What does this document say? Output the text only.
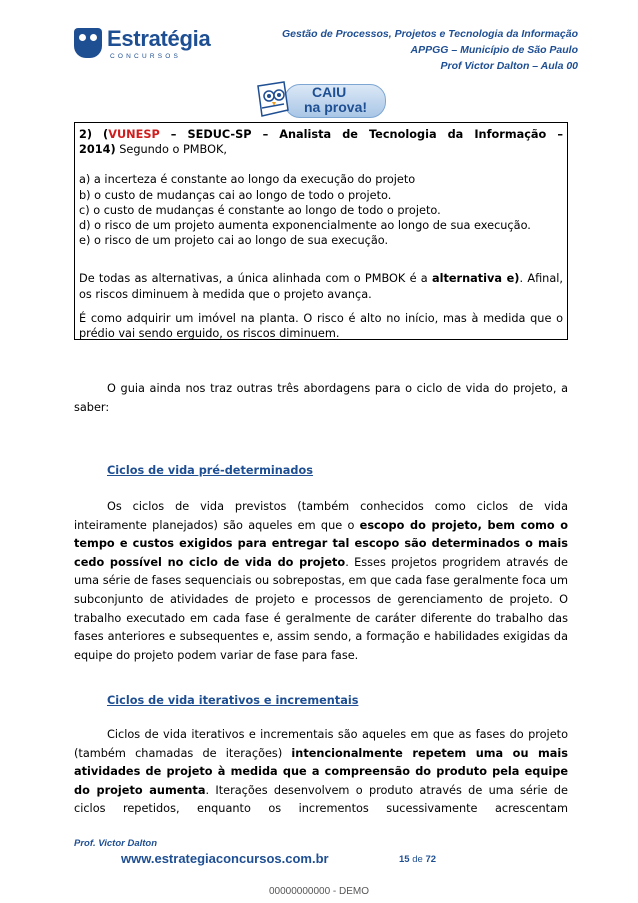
Estratégia
CONCURSOS
Gestão de Processos, Projetos e Tecnologia da Informação
APPGG – Município de São Paulo
Prof Victor Dalton – Aula 00
CAIU
na prova!

2) (VUNESP – SEDUC-SP – Analista de Tecnologia da Informação –

2014) Segundo o PMBOK,

a) a incerteza é constante ao longo da execução do projeto

b) o custo de mudanças cai ao longo de todo o projeto.

c) o custo de mudanças é constante ao longo de todo o projeto.

d) o risco de um projeto aumenta exponencialmente ao longo de sua execução.

e) o risco de um projeto cai ao longo de sua execução.

De todas as alternativas, a única alinhada com o PMBOK é a alternativa e). Afinal, os riscos diminuem à medida que o projeto avança.

É como adquirir um imóvel na planta. O risco é alto no início, mas à medida que o prédio vai sendo erguido, os riscos diminuem.

O guia ainda nos traz outras três abordagens para o ciclo de vida do projeto, a saber:

Ciclos de vida pré-determinados

Os ciclos de vida previstos (também conhecidos como ciclos de vida inteiramente planejados) são aqueles em que o escopo do projeto, bem como o tempo e custos exigidos para entregar tal escopo são determinados o mais cedo possível no ciclo de vida do projeto. Esses projetos progridem através de uma série de fases sequenciais ou sobrepostas, em que cada fase geralmente foca um subconjunto de atividades de projeto e processos de gerenciamento de projeto. O trabalho executado em cada fase é geralmente de caráter diferente do trabalho das fases anteriores e subsequentes e, assim sendo, a formação e habilidades exigidas da equipe do projeto podem variar de fase para fase.

Ciclos de vida iterativos e incrementais

Ciclos de vida iterativos e incrementais são aqueles em que as fases do projeto (também chamadas de iterações) intencionalmente repetem uma ou mais atividades de projeto à medida que a compreensão do produto pela equipe do projeto aumenta. Iterações desenvolvem o produto através de uma série de ciclos repetidos, enquanto os incrementos sucessivamente acrescentam

Prof. Victor Dalton
www.estrategiaconcursos.com.br	15 de 72
00000000000 - DEMO
